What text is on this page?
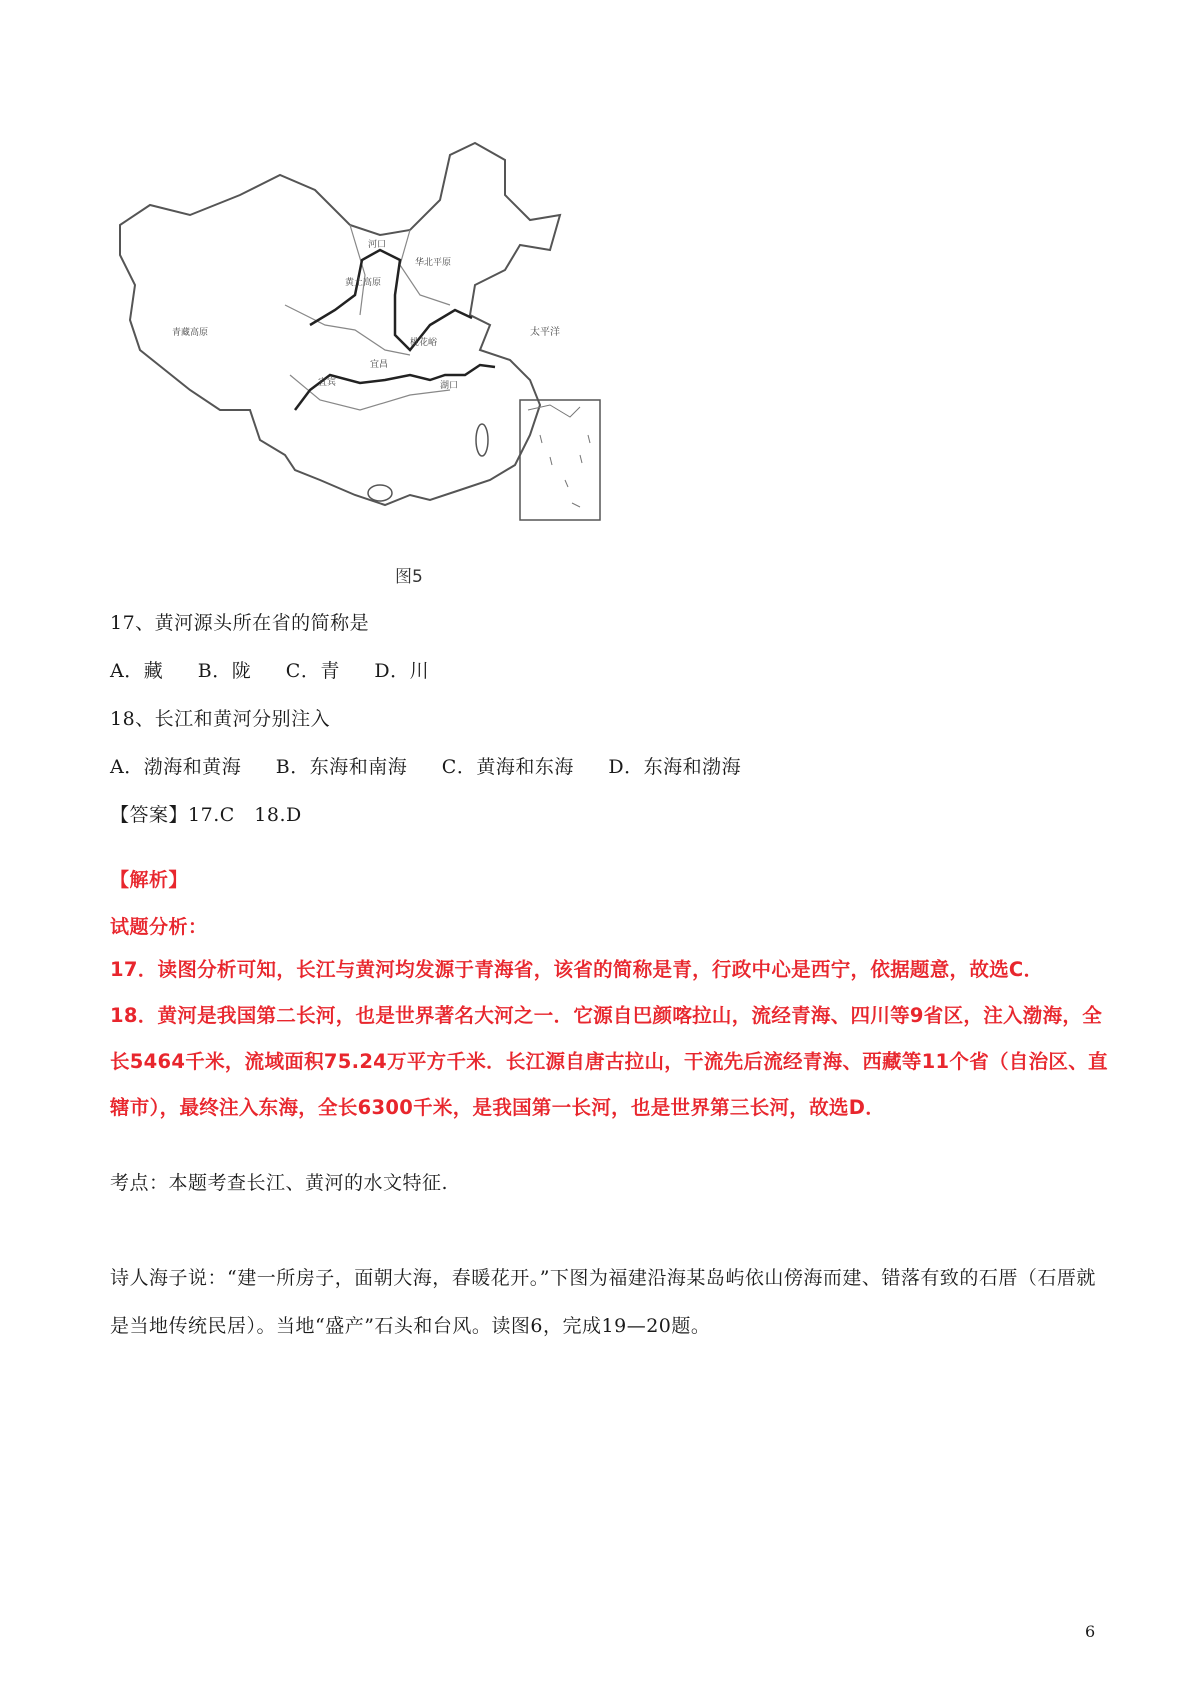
河口
青藏高原
黄土高原
华北平原
太平洋
宜宾
宜昌
湖口
桃花峪
图5
17、黄河源头所在省的简称是
A．藏 B．陇 C．青 D．川
18、长江和黄河分别注入
A．渤海和黄海 B．东海和南海 C．黄海和东海 D．东海和渤海
【答案】17.C　18.D
【解析】
试题分析：
17．读图分析可知，长江与黄河均发源于青海省，该省的简称是青，行政中心是西宁，依据题意，故选C．
18．黄河是我国第二长河，也是世界著名大河之一．它源自巴颜喀拉山，流经青海、四川等9省区，注入渤海，全长5464千米，流域面积75.24万平方千米．长江源自唐古拉山，干流先后流经青海、西藏等11个省（自治区、直辖市），最终注入东海，全长6300千米，是我国第一长河，也是世界第三长河，故选D．
考点：本题考查长江、黄河的水文特征.
诗人海子说：“建一所房子，面朝大海，春暖花开。”下图为福建沿海某岛屿依山傍海而建、错落有致的石厝（石厝就是当地传统民居）。当地“盛产”石头和台风。读图6，完成19—20题。
6
